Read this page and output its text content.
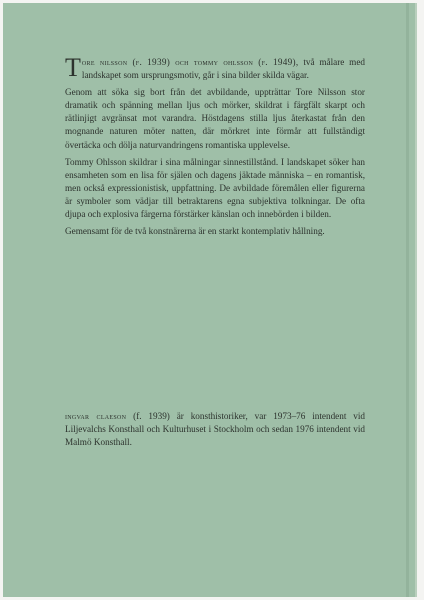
Tore nilsson (f. 1939) och tommy ohlsson (f. 1949), två målare med landskapet som ursprungsmotiv, går i sina bilder skilda vägar.

Genom att söka sig bort från det avbildande, uppträttar Tore Nilsson stor dramatik och spänning mellan ljus och mörker, skildrat i färgfält skarpt och rätlinjigt avgränsat mot varandra. Höstdagens stilla ljus återkastat från den mognande naturen möter natten, där mörkret inte förmår att fullständigt övertäcka och dölja naturvandringens romantiska upplevelse.

Tommy Ohlsson skildrar i sina målningar sinnestillstånd. I landskapet söker han ensamheten som en lisa för själen och dagens jäktade människa – en romantisk, men också expressionistisk, uppfattning. De avbildade föremålen eller figurerna är symboler som vädjar till betraktarens egna subjektiva tolkningar. De ofta djupa och explosiva färgerna förstärker känslan och innebörden i bilden.

Gemensamt för de två konstnärerna är en starkt kontemplativ hållning.

ingvar claeson (f. 1939) är konsthistoriker, var 1973–76 intendent vid Liljevalchs Konsthall och Kulturhuset i Stockholm och sedan 1976 intendent vid Malmö Konsthall.
